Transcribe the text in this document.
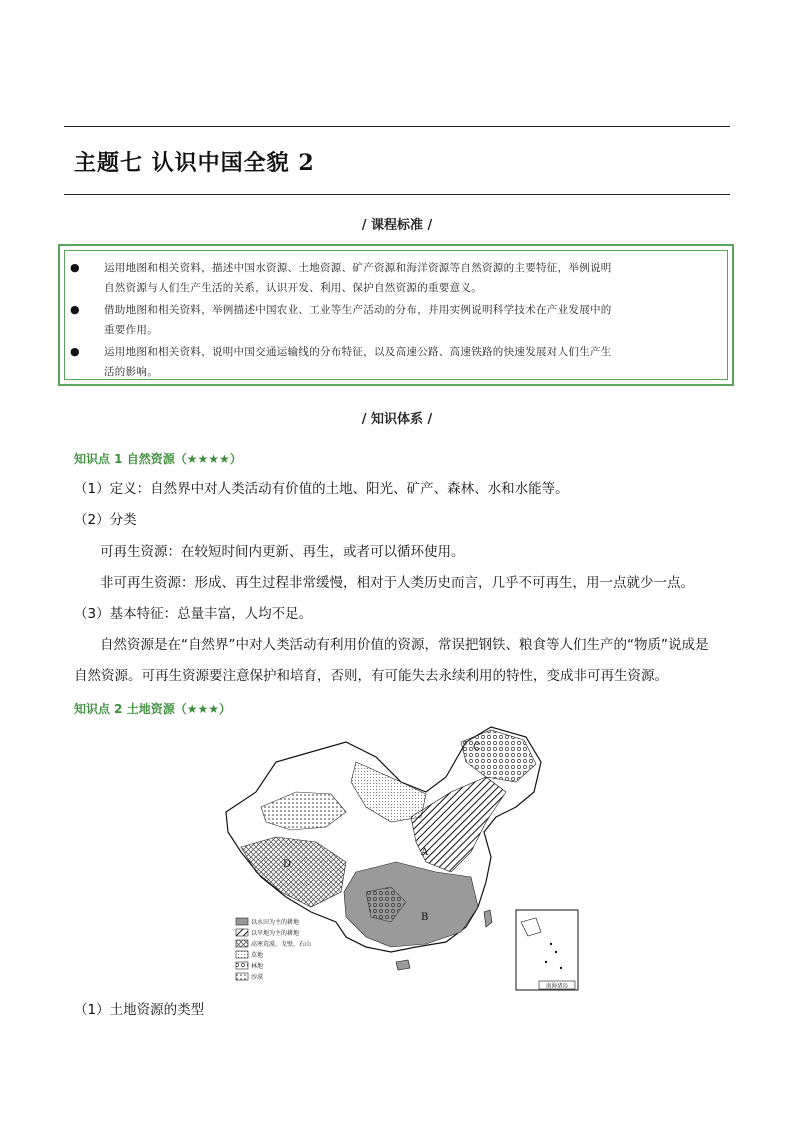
主题七 认识中国全貌 2
/ 课程标准 /
●	运用地图和相关资料，描述中国水资源、土地资源、矿产资源和海洋资源等自然资源的主要特征，举例说明
自然资源与人们生产生活的关系，认识开发、利用、保护自然资源的重要意义。
●	借助地图和相关资料，举例描述中国农业、工业等生产活动的分布，并用实例说明科学技术在产业发展中的
重要作用。
●	运用地图和相关资料，说明中国交通运输线的分布特征，以及高速公路、高速铁路的快速发展对人们生产生
活的影响。
/ 知识体系 /
知识点 1 自然资源（★★★★）
（1）定义：自然界中对人类活动有价值的土地、阳光、矿产、森林、水和水能等。
（2）分类
可再生资源：在较短时间内更新、再生，或者可以循环使用。
非可再生资源：形成、再生过程非常缓慢，相对于人类历史而言，几乎不可再生，用一点就少一点。
（3）基本特征：总量丰富，人均不足。
自然资源是在“自然界”中对人类活动有利用价值的资源，常误把钢铁、粮食等人们生产的“物质”说成是
自然资源。可再生资源要注意保护和培育，否则，有可能失去永续利用的特性，变成非可再生资源。
知识点 2 土地资源（★★★）
A
B
C
D
南海诸岛
以水田为主的耕地
以旱地为主的耕地
高寒荒漠、戈壁、石山
草地
林地
沙漠
（1）土地资源的类型
